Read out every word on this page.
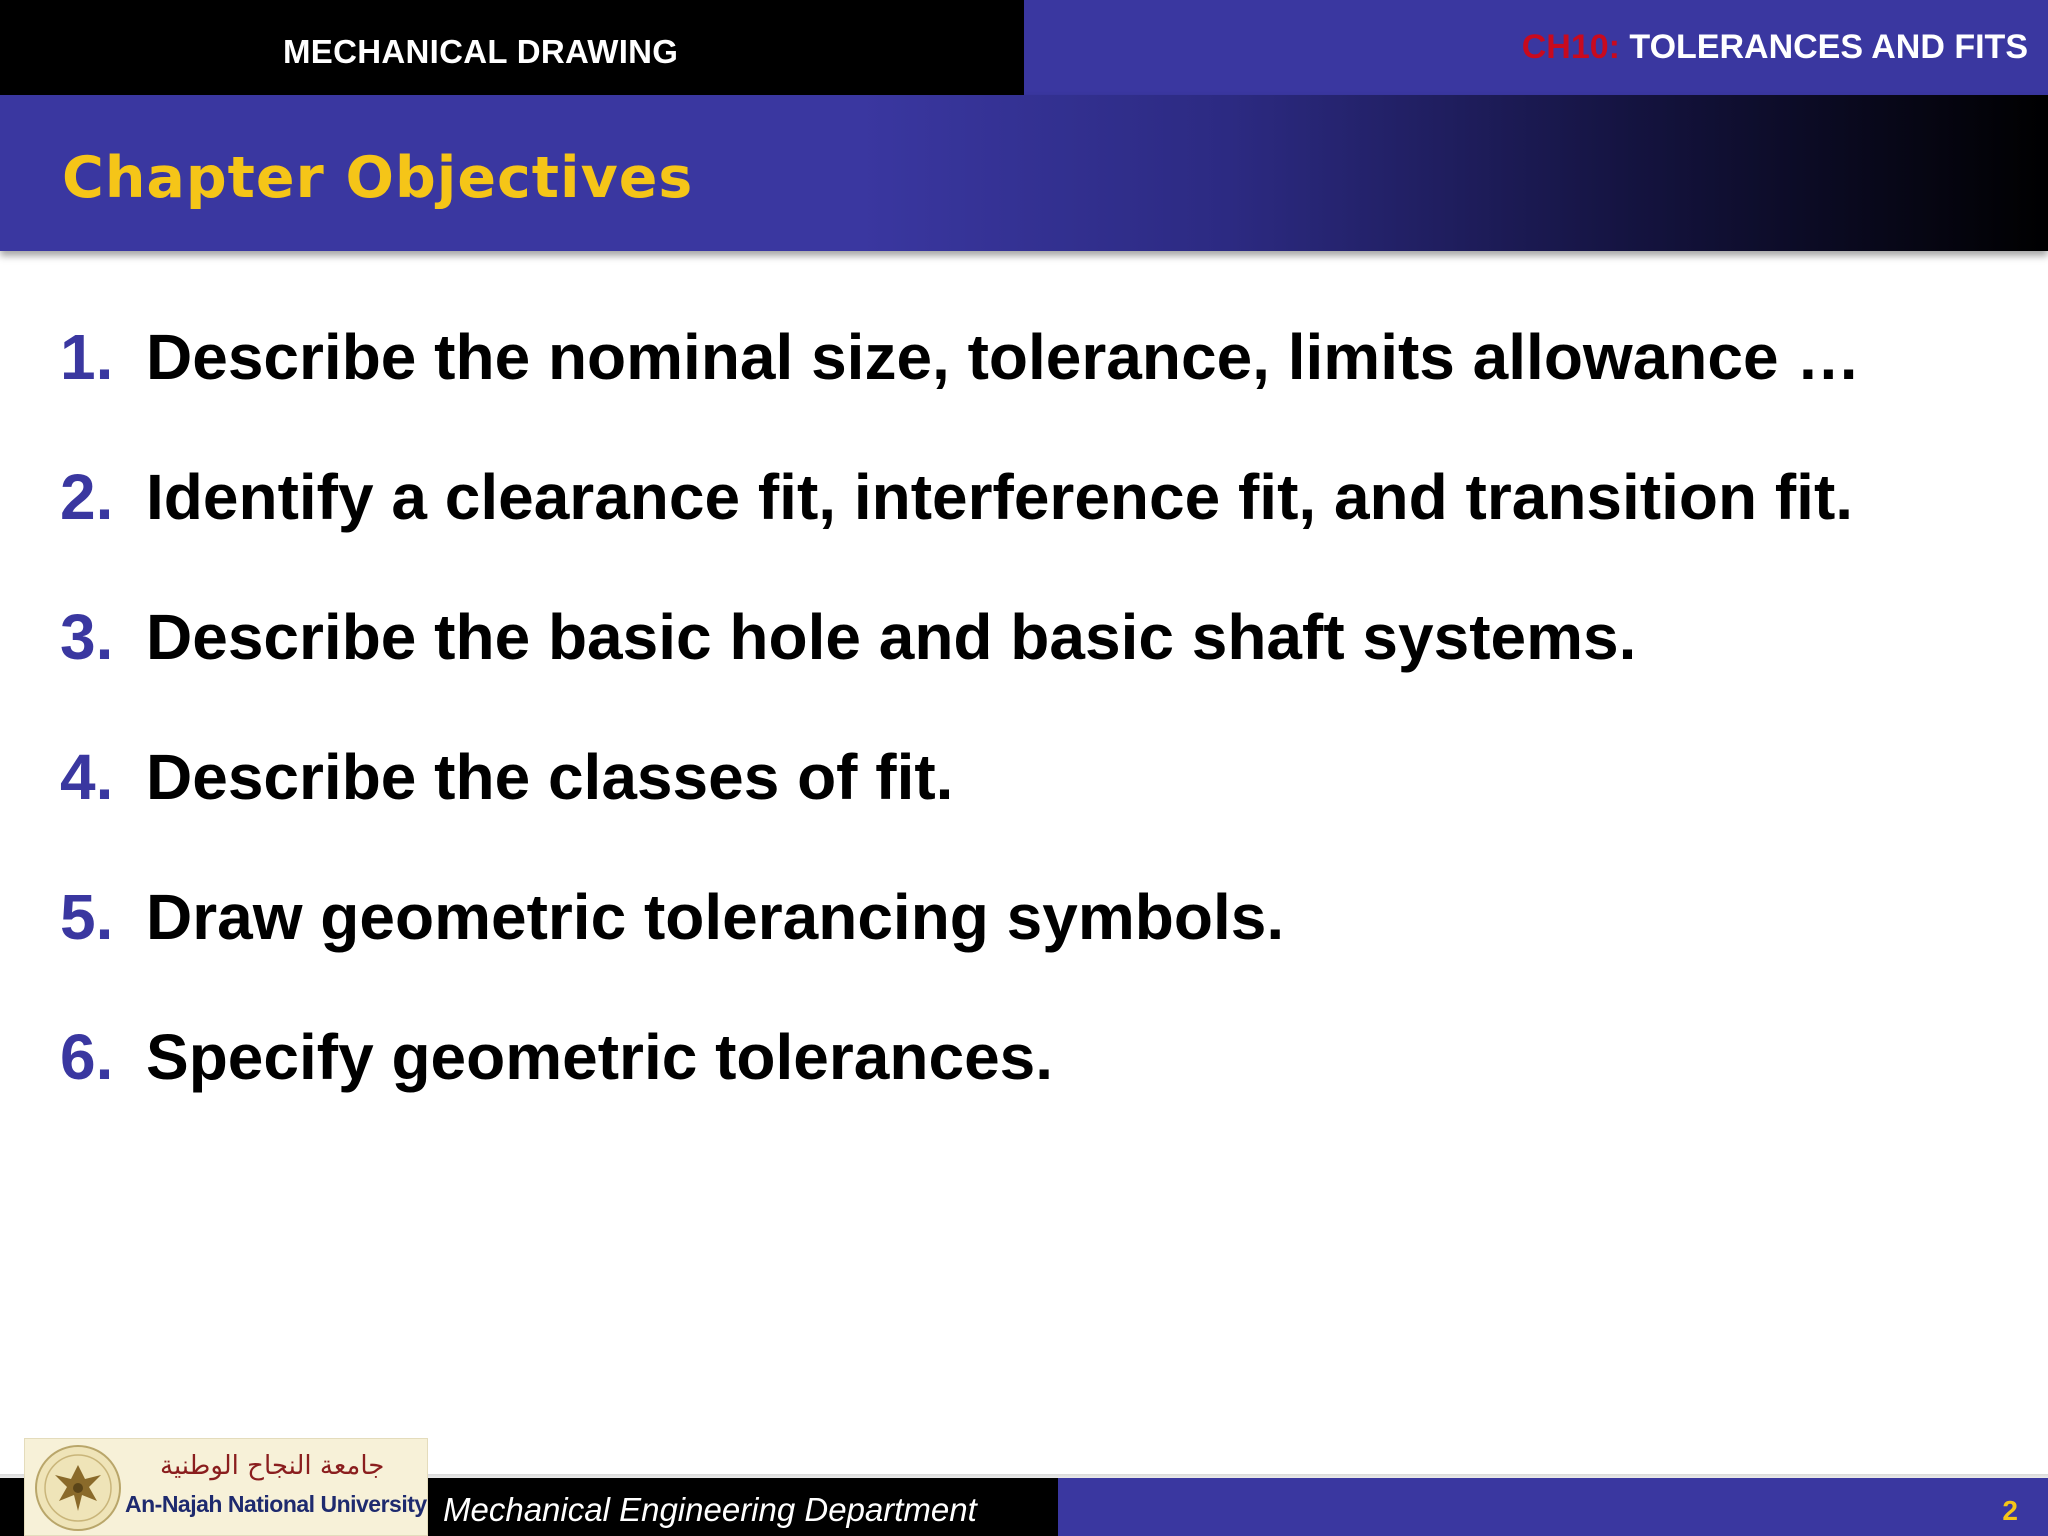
MECHANICAL DRAWING	CH10: TOLERANCES AND FITS
Chapter Objectives
1. Describe the nominal size, tolerance, limits allowance …
2. Identify a clearance fit, interference fit, and transition fit.
3. Describe the basic hole and basic shaft systems.
4. Describe the classes of fit.
5. Draw geometric tolerancing symbols.
6. Specify geometric tolerances.
Mechanical Engineering Department	2
جامعة النجاح الوطنية
An-Najah National University
